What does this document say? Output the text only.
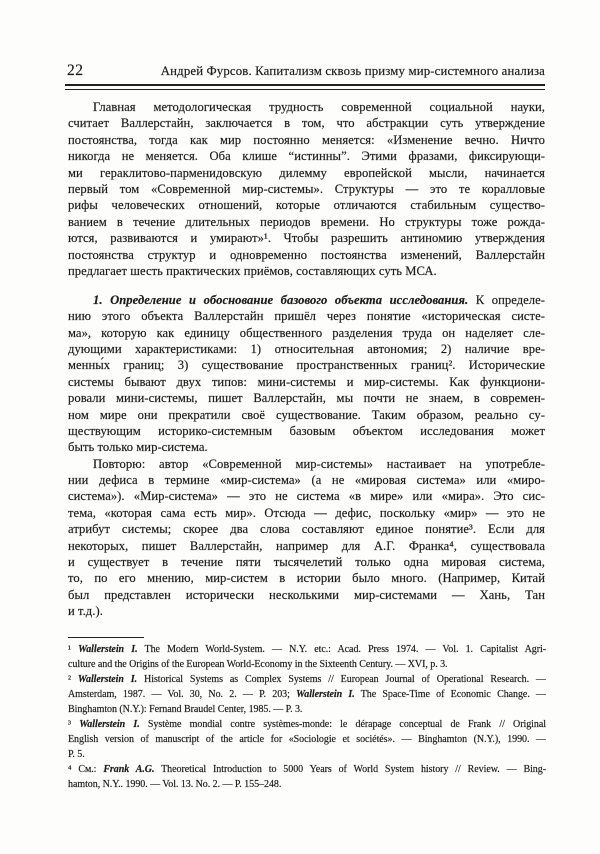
22	Андрей Фурсов. Капитализм сквозь призму мир-системного анализа
Главная методологическая трудность современной социальной науки,
считает Валлерстайн, заключается в том, что абстракции суть утверждение
постоянства, тогда как мир постоянно меняется: «Изменение вечно. Ничто
никогда не меняется. Оба клише “истинны”. Этими фразами, фиксирующи-
ми гераклитово-парменидовскую дилемму европейской мысли, начинается
первый том «Современной мир-системы». Структуры — это те коралловые
рифы человеческих отношений, которые отличаются стабильным существо-
ванием в течение длительных периодов времени. Но структуры тоже рожда-
ются, развиваются и умирают»¹. Чтобы разрешить антиномию утверждения
постоянства структур и одновременно постоянства изменений, Валлерстайн
предлагает шесть практических приёмов, составляющих суть МСА.
1. Определение и обоснование базового объекта исследования. К определе-
нию этого объекта Валлерстайн пришёл через понятие «историческая систе-
ма», которую как единицу общественного разделения труда он наделяет сле-
дующими характеристиками: 1) относительная автономия; 2) наличие вре-
менны́х границ; 3) существование пространственных границ². Исторические
системы бывают двух типов: мини-системы и мир-системы. Как функциони-
ровали мини-системы, пишет Валлерстайн, мы почти не знаем, в современ-
ном мире они прекратили своё существование. Таким образом, реально су-
ществующим историко-системным базовым объектом исследования может
быть только мир-система.
Повторю: автор «Современной мир-системы» настаивает на употребле-
нии дефиса в термине «мир-система» (а не «мировая система» или «миро-
система»). «Мир-система» — это не система «в мире» или «мира». Это сис-
тема, «которая сама есть мир». Отсюда — дефис, поскольку «мир» — это не
атрибут системы; скорее два слова составляют единое понятие³. Если для
некоторых, пишет Валлерстайн, например для А.Г. Франка⁴, существовала
и существует в течение пяти тысячелетий только одна мировая система,
то, по его мнению, мир-систем в истории было много. (Например, Китай
был представлен исторически несколькими мир-системами — Хань, Тан
и т.д.).
¹ Wallerstein I. The Modern World-System. — N.Y. etc.: Acad. Press 1974. — Vol. 1. Capitalist Agri-
culture and the Origins of the European World-Economy in the Sixteenth Century. — XVI, p. 3.
² Wallerstein I. Historical Systems as Complex Systems // European Journal of Operational Research. —
Amsterdam, 1987. — Vol. 30, No. 2. — P. 203; Wallerstein I. The Space-Time of Economic Change. —
Binghamton (N.Y.): Fernand Braudel Center, 1985. — P. 3.
³ Wallerstein I. Système mondial contre systèmes-monde: le dérapage conceptual de Frank // Original
English version of manuscript of the article for «Sociologie et sociétés». — Binghamton (N.Y.), 1990. —
P. 5.
⁴ См.: Frank A.G. Theoretical Introduction to 5000 Years of World System history // Review. — Bing-
hamton, N.Y.. 1990. — Vol. 13. No. 2. — P. 155–248.
